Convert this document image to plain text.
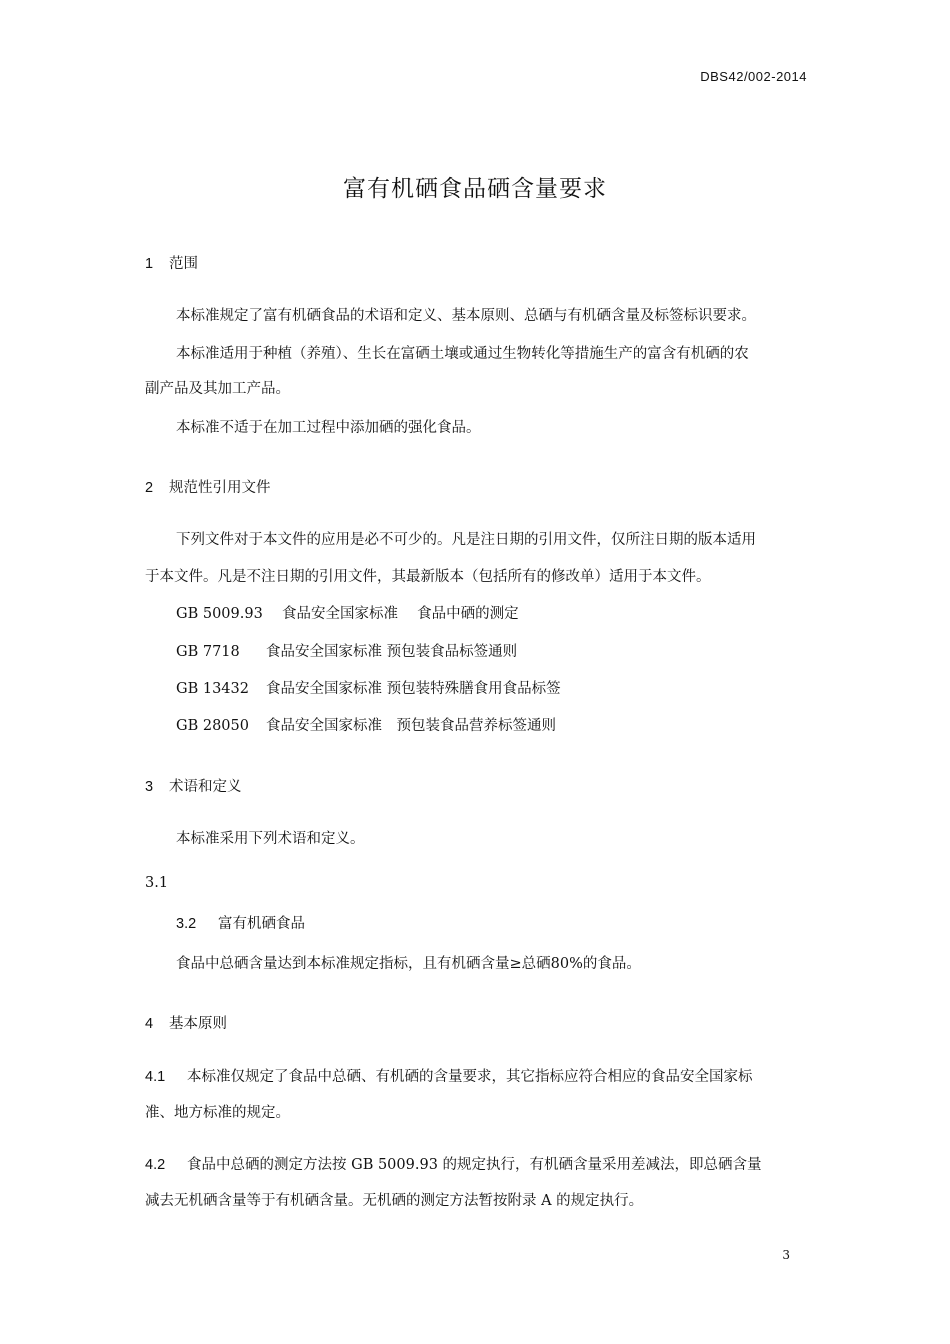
DBS42/002-2014
富有机硒食品硒含量要求
1 范围
本标准规定了富有机硒食品的术语和定义、基本原则、总硒与有机硒含量及标签标识要求。
本标准适用于种植（养殖）、生长在富硒土壤或通过生物转化等措施生产的富含有机硒的农
副产品及其加工产品。
本标准不适于在加工过程中添加硒的强化食品。
2 规范性引用文件
下列文件对于本文件的应用是必不可少的。凡是注日期的引用文件，仅所注日期的版本适用
于本文件。凡是不注日期的引用文件，其最新版本（包括所有的修改单）适用于本文件。
GB 5009.93 食品安全国家标准　 食品中硒的测定
GB 7718 食品安全国家标准 预包装食品标签通则
GB 13432 食品安全国家标准 预包装特殊膳食用食品标签
GB 28050 食品安全国家标准　预包装食品营养标签通则
3 术语和定义
本标准采用下列术语和定义。
3.1
3.2 富有机硒食品
食品中总硒含量达到本标准规定指标，且有机硒含量≥总硒80%的食品。
4 基本原则
4.1 本标准仅规定了食品中总硒、有机硒的含量要求，其它指标应符合相应的食品安全国家标
准、地方标准的规定。
4.2 食品中总硒的测定方法按 GB 5009.93 的规定执行，有机硒含量采用差减法，即总硒含量
减去无机硒含量等于有机硒含量。无机硒的测定方法暂按附录 A 的规定执行。
3
